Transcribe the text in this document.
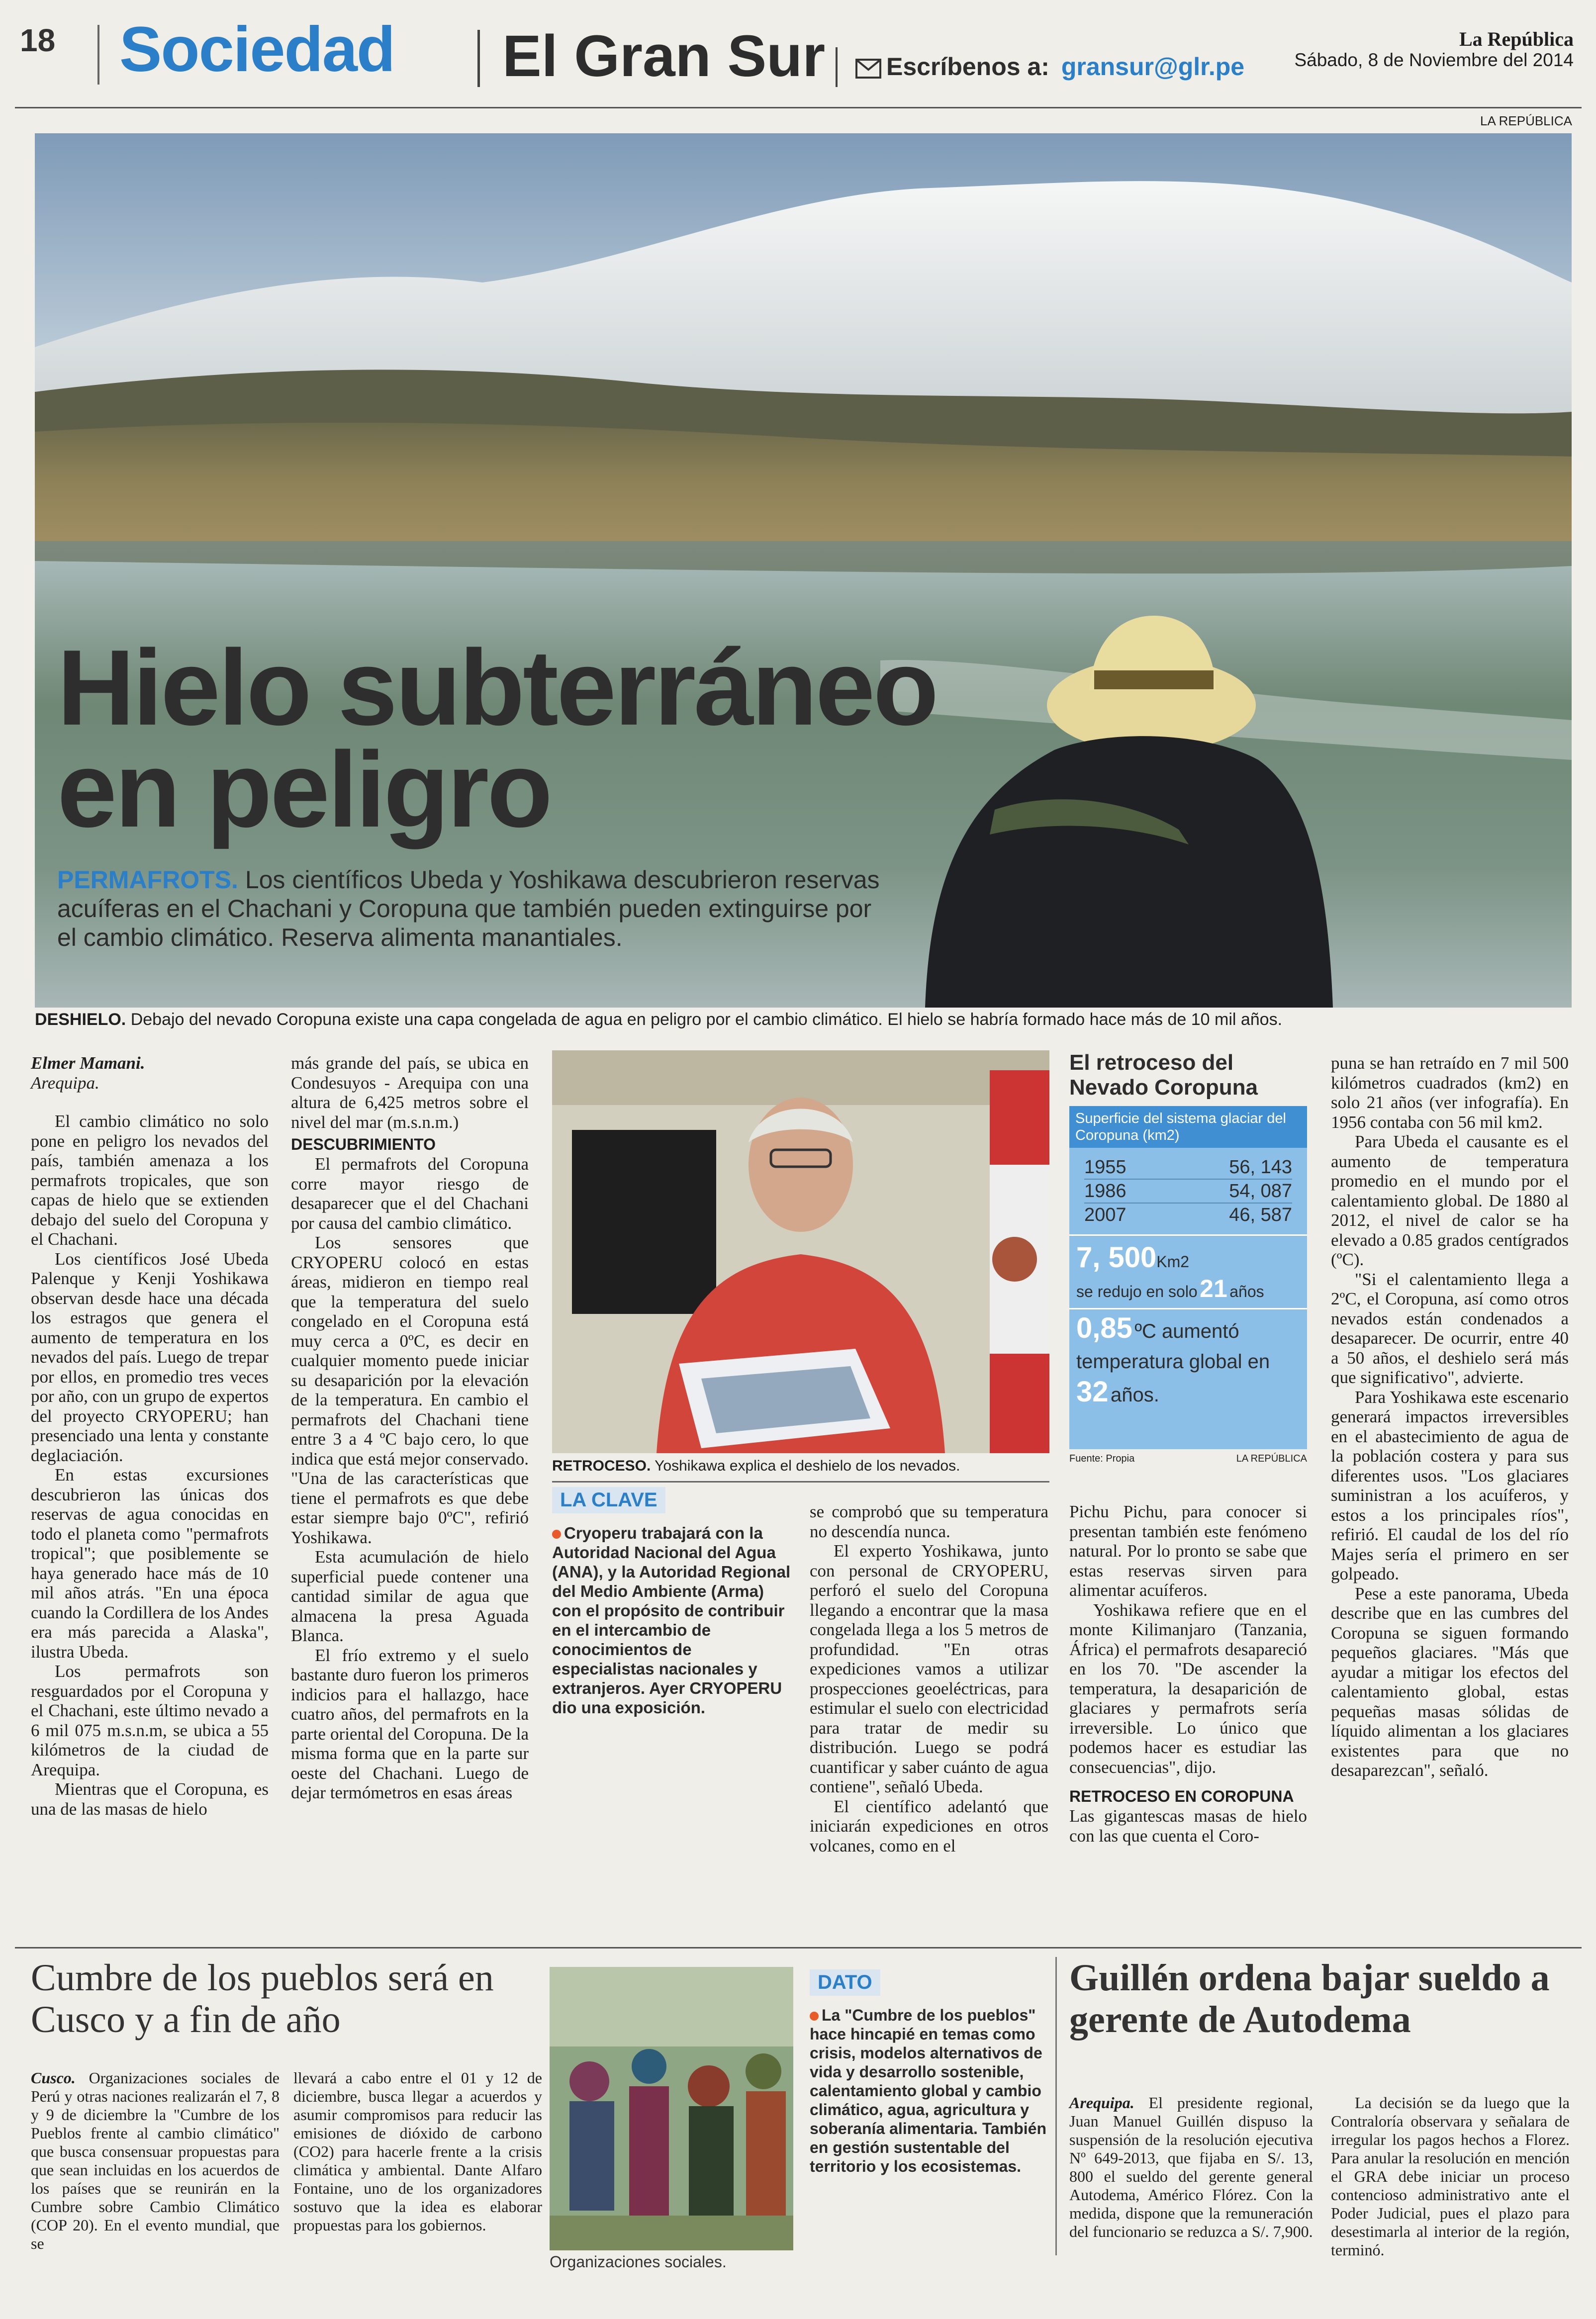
18 Sociedad El Gran Sur	Escríbenos a: gransur@glr.pe
La República
Sábado, 8 de Noviembre del 2014
LA REPÚBLICA
Hielo subterráneo
en peligro
PERMAFROTS. Los científicos Ubeda y Yoshikawa descubrieron reservas acuíferas en el Chachani y Coropuna que también pueden extinguirse por el cambio climático. Reserva alimenta manantiales.
DESHIELO. Debajo del nevado Coropuna existe una capa congelada de agua en peligro por el cambio climático. El hielo se habría formado hace más de 10 mil años.

Elmer Mamani.

Arequipa.

El cambio climático no solo pone en peligro los nevados del país, también amenaza a los permafrots tropicales, que son capas de hielo que se extienden debajo del suelo del Coropuna y el Chachani.

Los científicos José Ubeda Palenque y Kenji Yoshikawa observan desde hace una década los estragos que genera el aumento de temperatura en los nevados del país. Luego de trepar por ellos, en promedio tres veces por año, con un grupo de expertos del proyecto CRYOPERU; han presenciado una lenta y constante deglaciación.

En estas excursiones descubrieron las únicas dos reservas de agua conocidas en todo el planeta como "permafrots tropical"; que posiblemente se haya generado hace más de 10 mil años atrás. "En una época cuando la Cordillera de los Andes era más parecida a Alaska", ilustra Ubeda.

Los permafrots son resguardados por el Coropuna y el Chachani, este último nevado a 6 mil 075 m.s.n.m, se ubica a 55 kilómetros de la ciudad de Arequipa.

Mientras que el Coropuna, es una de las masas de hielo

más grande del país, se ubica en Condesuyos - Arequipa con una altura de 6,425 metros sobre el nivel del mar (m.s.n.m.)

DESCUBRIMIENTO

El permafrots del Coropuna corre mayor riesgo de desaparecer que el del Chachani por causa del cambio climático.

Los sensores que CRYOPERU colocó en estas áreas, midieron en tiempo real que la temperatura del suelo congelado en el Coropuna está muy cerca a 0ºC, es decir en cualquier momento puede iniciar su desaparición por la elevación de la temperatura. En cambio el permafrots del Chachani tiene entre 3 a 4 ºC bajo cero, lo que indica que está mejor conservado. "Una de las características que tiene el permafrots es que debe estar siempre bajo 0ºC", refirió Yoshikawa.

Esta acumulación de hielo superficial puede contener una cantidad similar de agua que almacena la presa Aguada Blanca.

El frío extremo y el suelo bastante duro fueron los primeros indicios para el hallazgo, hace cuatro años, del permafrots en la parte oriental del Coropuna. De la misma forma que en la parte sur oeste del Chachani. Luego de dejar termómetros en esas áreas

RETROCESO. Yoshikawa explica el deshielo de los nevados.
LA CLAVE
Cryoperu trabajará con la Autoridad Nacional del Agua (ANA), y la Autoridad Regional del Medio Ambiente (Arma) con el propósito de contribuir en el intercambio de conocimientos de especialistas nacionales y extranjeros. Ayer CRYOPERU dio una exposición.

se comprobó que su temperatura no descendía nunca.

El experto Yoshikawa, junto con personal de CRYOPERU, perforó el suelo del Coropuna llegando a encontrar que la masa congelada llega a los 5 metros de profundidad. "En otras expediciones vamos a utilizar prospecciones geoeléctricas, para estimular el suelo con electricidad para tratar de medir su distribución. Luego se podrá cuantificar y saber cuánto de agua contiene", señaló Ubeda.

El científico adelantó que iniciarán expediciones en otros volcanes, como en el

El retroceso del Nevado Coropuna
Superficie del sistema glaciar del Coropuna (km2)
1955	56, 143
1986	54, 087
2007	46, 587
7, 500Km2
se redujo en solo 21 años
0,85 ºC aumentó temperatura global en 32 años.
Fuente: Propia	LA REPÚBLICA

Pichu Pichu, para conocer si presentan también este fenómeno natural. Por lo pronto se sabe que estas reservas sirven para alimentar acuíferos.

Yoshikawa refiere que en el monte Kilimanjaro (Tanzania, África) el permafrots desapareció en los 70. "De ascender la temperatura, la desaparición de glaciares y permafrots sería irreversible. Lo único que podemos hacer es estudiar las consecuencias", dijo.

RETROCESO EN COROPUNA

Las gigantescas masas de hielo con las que cuenta el Coro-

puna se han retraído en 7 mil 500 kilómetros cuadrados (km2) en solo 21 años (ver infografía). En 1956 contaba con 56 mil km2.

Para Ubeda el causante es el aumento de temperatura promedio en el mundo por el calentamiento global. De 1880 al 2012, el nivel de calor se ha elevado a 0.85 grados centígrados (ºC).

"Si el calentamiento llega a 2ºC, el Coropuna, así como otros nevados están condenados a desaparecer. De ocurrir, entre 40 a 50 años, el deshielo será más que significativo", advierte.

Para Yoshikawa este escenario generará impactos irreversibles en el abastecimiento de agua de la población costera y para sus diferentes usos. "Los glaciares suministran a los acuíferos, y estos a los principales ríos", refirió. El caudal de los del río Majes sería el primero en ser golpeado.

Pese a este panorama, Ubeda describe que en las cumbres del Coropuna se siguen formando pequeños glaciares. "Más que ayudar a mitigar los efectos del calentamiento global, estas pequeñas masas sólidas de líquido alimentan a los glaciares existentes para que no desaparezcan", señaló.

Cumbre de los pueblos será en Cusco y a fin de año

Cusco. Organizaciones sociales de Perú y otras naciones realizarán el 7, 8 y 9 de diciembre la "Cumbre de los Pueblos frente al cambio climático" que busca consensuar propuestas para que sean incluidas en los acuerdos de los países que se reunirán en la Cumbre sobre Cambio Climático (COP 20). En el evento mundial, que se

llevará a cabo entre el 01 y 12 de diciembre, busca llegar a acuerdos y asumir compromisos para reducir las emisiones de dióxido de carbono (CO2) para hacerle frente a la crisis climática y ambiental. Dante Alfaro Fontaine, uno de los organizadores sostuvo que la idea es elaborar propuestas para los gobiernos.

Organizaciones sociales.
DATO
La "Cumbre de los pueblos" hace hincapié en temas como crisis, modelos alternativos de vida y desarrollo sostenible, calentamiento global y cambio climático, agua, agricultura y soberanía alimentaria. También en gestión sustentable del territorio y los ecosistemas.
Guillén ordena bajar sueldo a gerente de Autodema

Arequipa. El presidente regional, Juan Manuel Guillén dispuso la suspensión de la resolución ejecutiva Nº 649-2013, que fijaba en S/. 13, 800 el sueldo del gerente general Autodema, Américo Flórez. Con la medida, dispone que la remuneración del funcionario se reduzca a S/. 7,900.

La decisión se da luego que la Contraloría observara y señalara de irregular los pagos hechos a Florez. Para anular la resolución en mención el GRA debe iniciar un proceso contencioso administrativo ante el Poder Judicial, pues el plazo para desestimarla al interior de la región, terminó.
